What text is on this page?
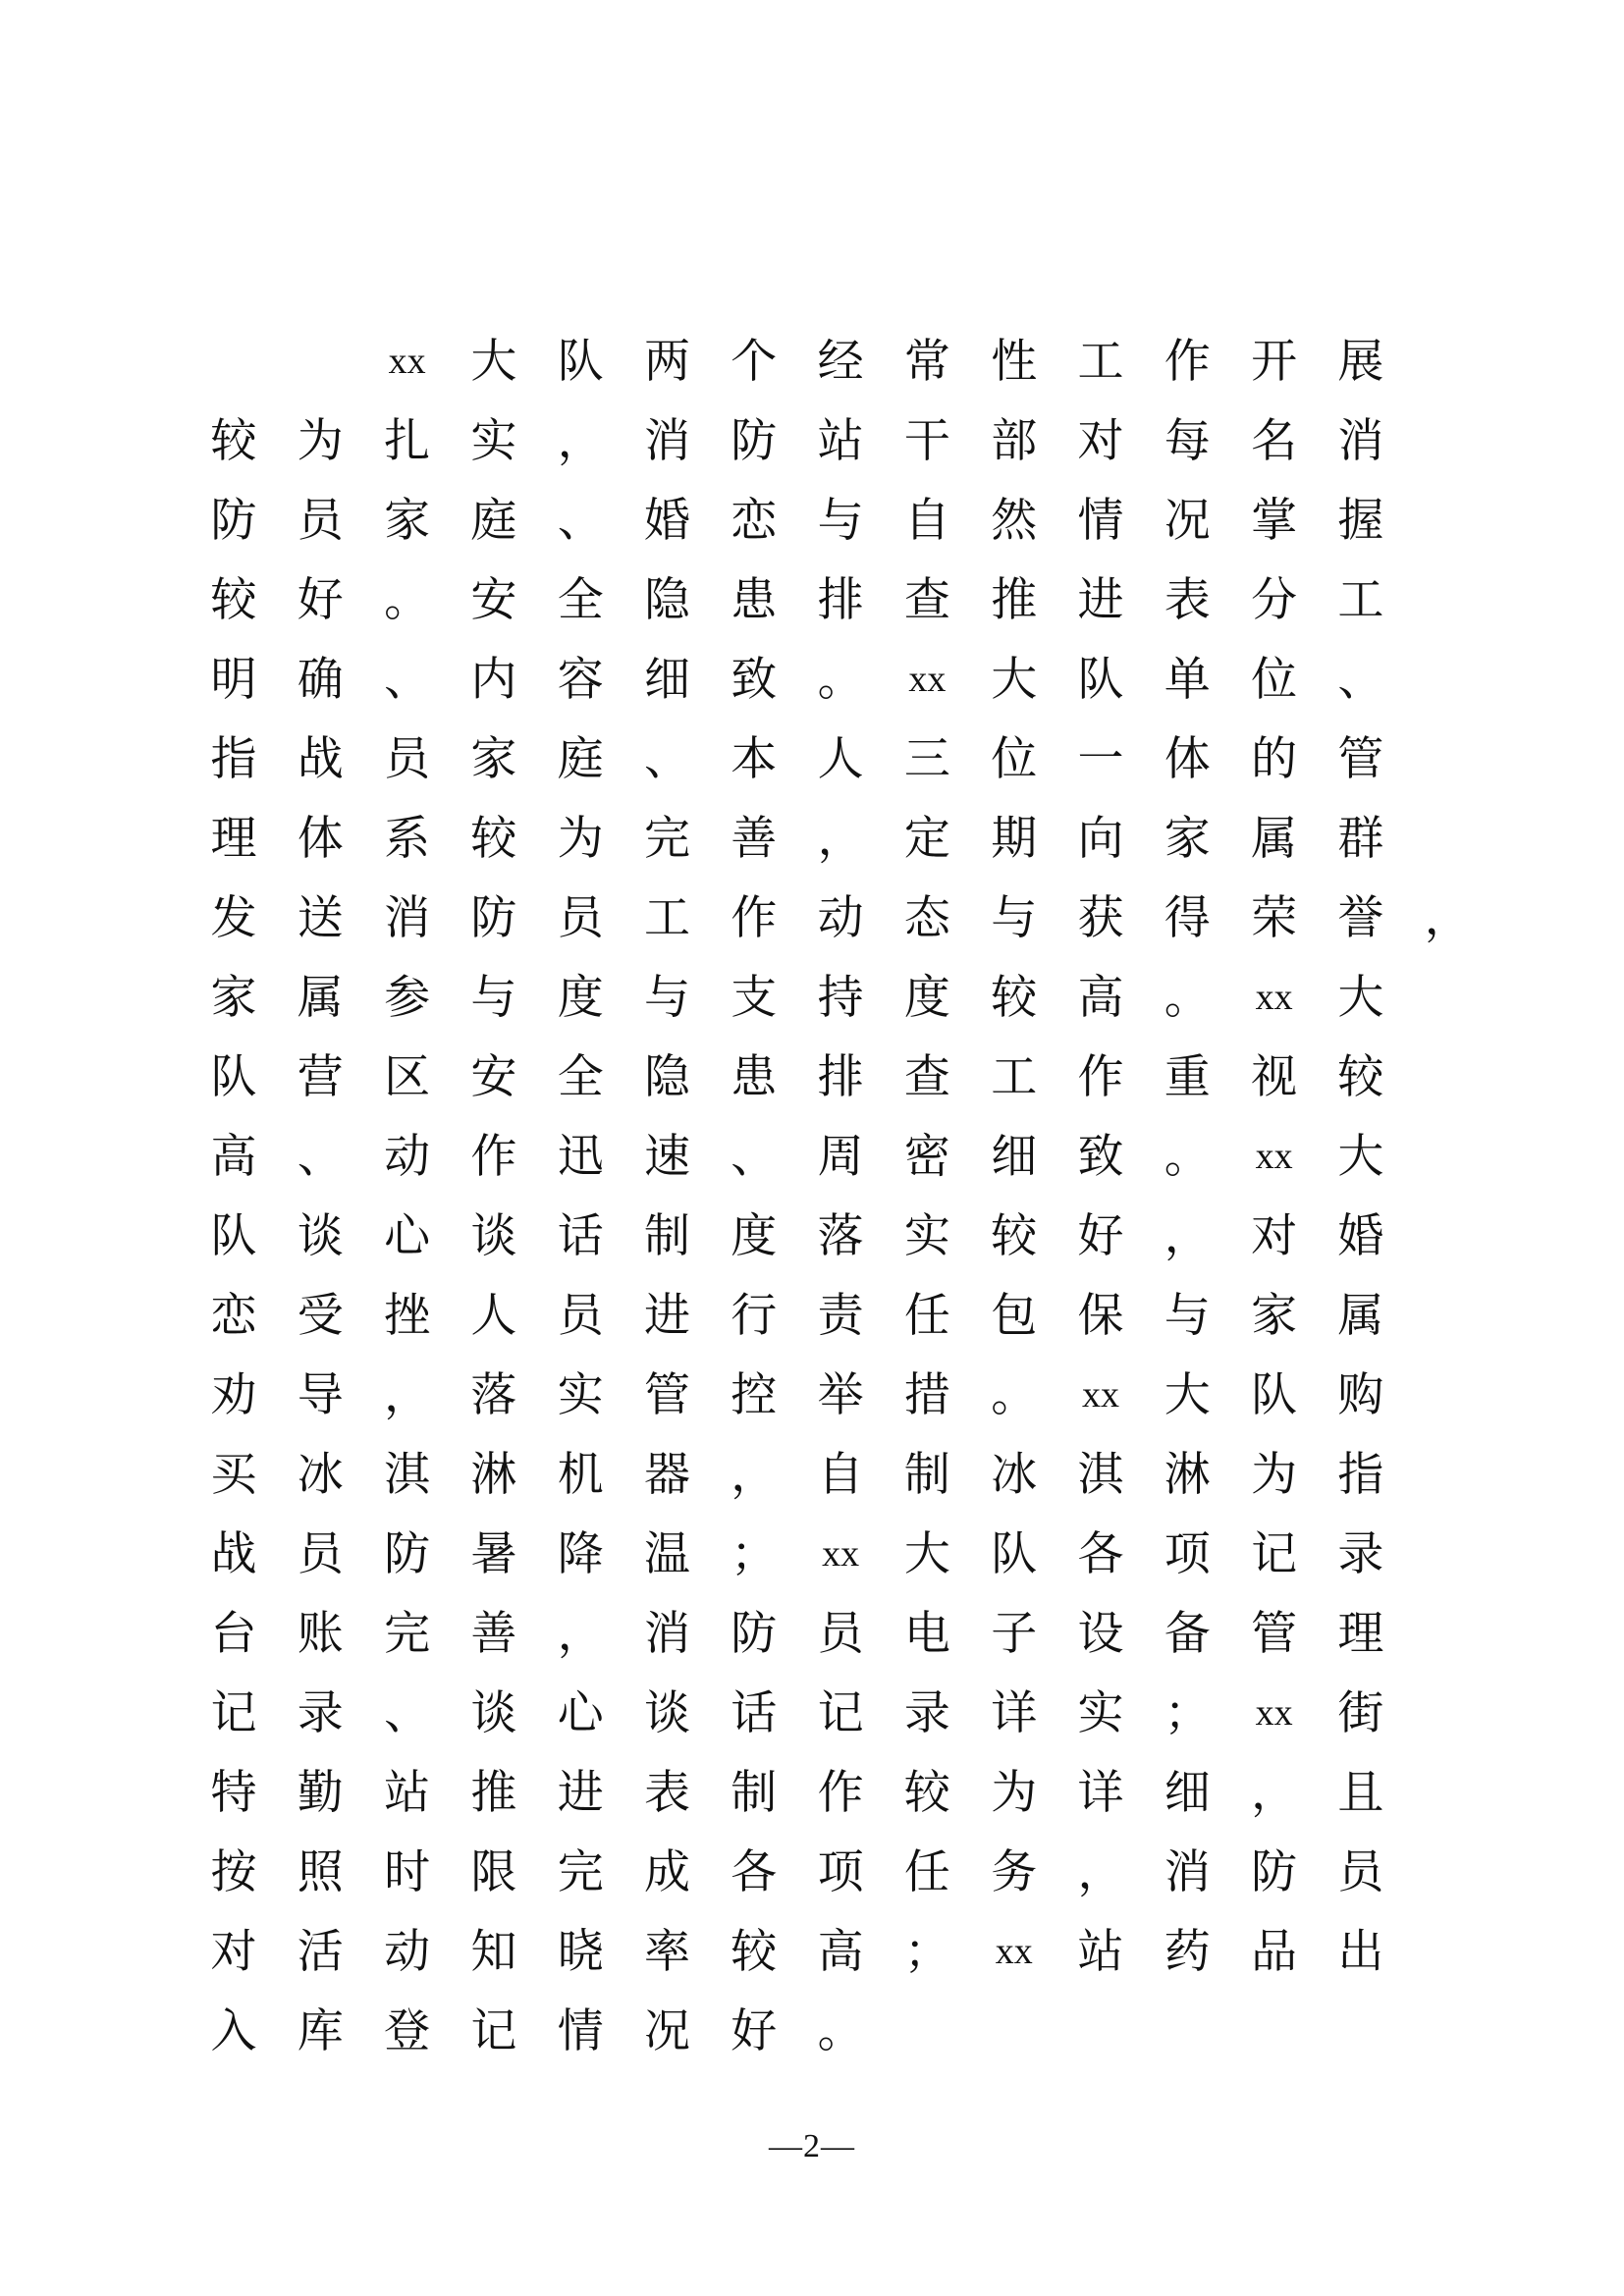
xx 大 队 两 个 经 常 性 工 作 开 展
较 为 扎 实 ， 消 防 站 干 部 对 每 名 消
防 员 家 庭 、 婚 恋 与 自 然 情 况 掌 握
较 好 。 安 全 隐 患 排 查 推 进 表 分 工
明 确 、 内 容 细 致 。 xx 大 队 单 位 、
指 战 员 家 庭 、 本 人 三 位 一 体 的 管
理 体 系 较 为 完 善 ， 定 期 向 家 属 群
发 送 消 防 员 工 作 动 态 与 获 得 荣 誉 ，
家 属 参 与 度 与 支 持 度 较 高 。 xx 大
队 营 区 安 全 隐 患 排 查 工 作 重 视 较
高 、 动 作 迅 速 、 周 密 细 致 。 xx 大
队 谈 心 谈 话 制 度 落 实 较 好 ， 对 婚
恋 受 挫 人 员 进 行 责 任 包 保 与 家 属
劝 导 ， 落 实 管 控 举 措 。 xx 大 队 购
买 冰 淇 淋 机 器 ， 自 制 冰 淇 淋 为 指
战 员 防 暑 降 温 ； xx 大 队 各 项 记 录
台 账 完 善 ， 消 防 员 电 子 设 备 管 理
记 录 、 谈 心 谈 话 记 录 详 实 ； xx 街
特 勤 站 推 进 表 制 作 较 为 详 细 ， 且
按 照 时 限 完 成 各 项 任 务 ， 消 防 员
对 活 动 知 晓 率 较 高 ； xx 站 药 品 出
入 库 登 记 情 况 好 。
—2—
